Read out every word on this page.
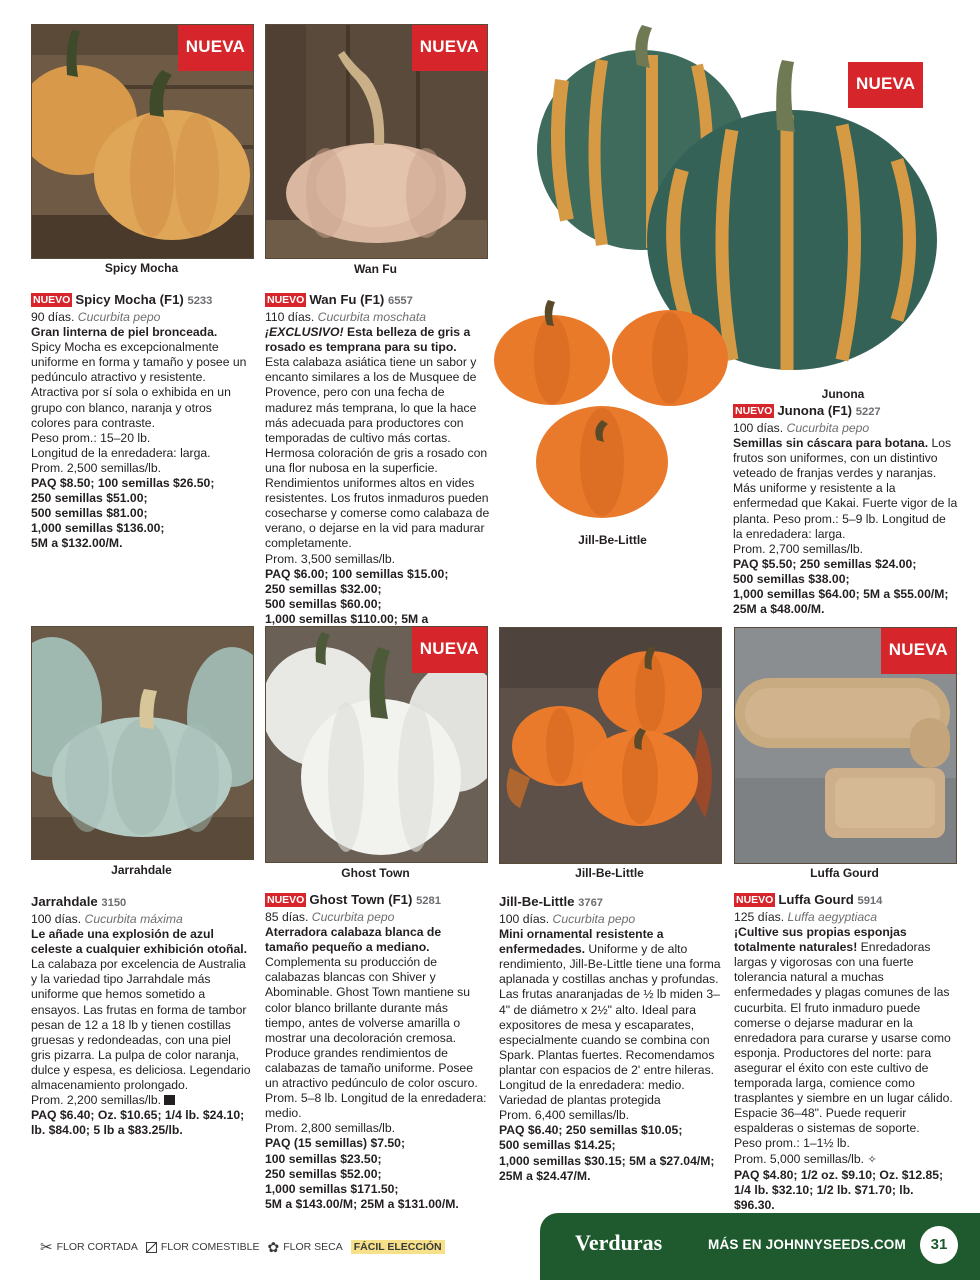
NUEVA	NUEVA
Spicy Mocha	Wan Fu
NUEVA
Jill-Be-Little
Junona
NUEVO Spicy Mocha (F1) 5233
90 días. Cucurbita pepo
Gran linterna de piel bronceada.
Spicy Mocha es excepcionalmente uniforme en forma y tamaño y posee un pedúnculo atractivo y resistente. Atractiva por sí sola o exhibida en un grupo con blanco, naranja y otros colores para contraste.
Peso prom.: 15–20 lb.
Longitud de la enredadera: larga.
Prom. 2,500 semillas/lb.
PAQ $8.50; 100 semillas $26.50;
250 semillas $51.00;
500 semillas $81.00;
1,000 semillas $136.00;
5M a $132.00/M.
NUEVO Wan Fu (F1) 6557
110 días. Cucurbita moschata
¡EXCLUSIVO! Esta belleza de gris a rosado es temprana para su tipo.
Esta calabaza asiática tiene un sabor y encanto similares a los de Musquee de Provence, pero con una fecha de madurez más temprana, lo que la hace más adecuada para productores con temporadas de cultivo más cortas. Hermosa coloración de gris a rosado con una flor nubosa en la superficie. Rendimientos uniformes altos en vides resistentes. Los frutos inmaduros pueden cosecharse y comerse como calabaza de verano, o dejarse en la vid para madurar completamente.
Prom. 3,500 semillas/lb.
PAQ $6.00; 100 semillas $15.00;
250 semillas $32.00;
500 semillas $60.00;
1,000 semillas $110.00; 5M a
NUEVO Junona (F1) 5227
100 días. Cucurbita pepo
Semillas sin cáscara para botana. Los frutos son uniformes, con un distintivo veteado de franjas verdes y naranjas. Más uniforme y resistente a la enfermedad que Kakai. Fuerte vigor de la planta. Peso prom.: 5–9 lb. Longitud de la enredadera: larga.
Prom. 2,700 semillas/lb.
PAQ $5.50; 250 semillas $24.00;
500 semillas $38.00;
1,000 semillas $64.00; 5M a $55.00/M;
25M a $48.00/M.
NUEVA	NUEVA
Jarrahdale	Ghost Town	Jill-Be-Little	Luffa Gourd
Jarrahdale 3150
100 días. Cucurbita máxima
Le añade una explosión de azul celeste a cualquier exhibición otoñal. La calabaza por excelencia de Australia y la variedad tipo Jarrahdale más uniforme que hemos sometido a ensayos. Las frutas en forma de tambor pesan de 12 a 18 lb y tienen costillas gruesas y redondeadas, con una piel gris pizarra. La pulpa de color naranja, dulce y espesa, es deliciosa. Legendario almacenamiento prolongado.
Prom. 2,200 semillas/lb.
PAQ $6.40; Oz. $10.65; 1/4 lb. $24.10;
lb. $84.00; 5 lb a $83.25/lb.
NUEVO Ghost Town (F1) 5281
85 días. Cucurbita pepo
Aterradora calabaza blanca de tamaño pequeño a mediano. Complementa su producción de calabazas blancas con Shiver y Abominable. Ghost Town mantiene su color blanco brillante durante más tiempo, antes de volverse amarilla o mostrar una decoloración cremosa. Produce grandes rendimientos de calabazas de tamaño uniforme. Posee un atractivo pedúnculo de color oscuro. Prom. 5–8 lb. Longitud de la enredadera: medio.
Prom. 2,800 semillas/lb.
PAQ (15 semillas) $7.50;
100 semillas $23.50;
250 semillas $52.00;
1,000 semillas $171.50;
5M a $143.00/M; 25M a $131.00/M.
Jill-Be-Little 3767
100 días. Cucurbita pepo
Mini ornamental resistente a enfermedades. Uniforme y de alto rendimiento, Jill-Be-Little tiene una forma aplanada y costillas anchas y profundas. Las frutas anaranjadas de ½ lb miden 3–4" de diámetro x 2½" alto. Ideal para expositores de mesa y escaparates, especialmente cuando se combina con Spark. Plantas fuertes. Recomendamos plantar con espacios de 2' entre hileras. Longitud de la enredadera: medio. Variedad de plantas protegida
Prom. 6,400 semillas/lb.
PAQ $6.40; 250 semillas $10.05;
500 semillas $14.25;
1,000 semillas $30.15; 5M a $27.04/M;
25M a $24.47/M.
NUEVO Luffa Gourd 5914
125 días. Luffa aegyptiaca
¡Cultive sus propias esponjas totalmente naturales! Enredadoras largas y vigorosas con una fuerte tolerancia natural a muchas enfermedades y plagas comunes de las cucurbita. El fruto inmaduro puede comerse o dejarse madurar en la enredadora para curarse y usarse como esponja. Productores del norte: para asegurar el éxito con este cultivo de temporada larga, comience como trasplantes y siembre en un lugar cálido. Espacie 36–48". Puede requerir espalderas o sistemas de soporte.
Peso prom.: 1–1½ lb.
Prom. 5,000 semillas/lb. ✧
PAQ $4.80; 1/2 oz. $9.10; Oz. $12.85;
1/4 lb. $32.10; 1/2 lb. $71.70; lb. $96.30.
✂ FLOR CORTADA FLOR COMESTIBLE ✿ FLOR SECA FÁCIL ELECCIÓN	Verduras	MÁS EN JOHNNYSEEDS.COM	31
